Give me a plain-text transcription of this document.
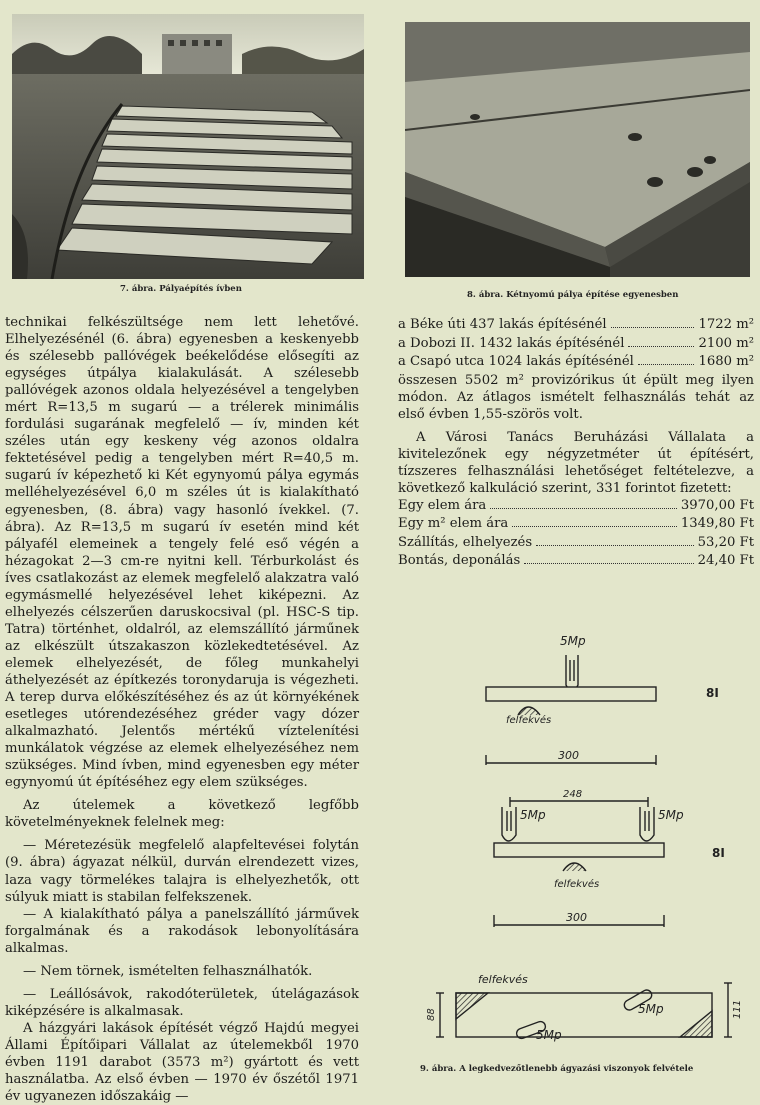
7. ábra. Pályaépítés ívben
8. ábra. Kétnyomú pálya építése egyenesben

technikai felkészültsége nem lett lehetővé. Elhelyezésénél (6. ábra) egyenesben a keskenyebb és szélesebb pallóvégek beékelődése elősegíti az egységes útpálya kialakulását. A szélesebb pallóvégek azonos oldala helyezésével a tengelyben mért R=13,5 m sugarú — a trélerek minimális fordulási sugarának megfelelő — ív, minden két széles után egy keskeny vég azonos oldalra fektetésével pedig a tengelyben mért R=40,5 m. sugarú ív képezhető ki Két egynyomú pálya egymás melléhelyezésével 6,0 m széles út is kialakítható egyenesben, (8. ábra) vagy hasonló ívekkel. (7. ábra). Az R=13,5 m sugarú ív esetén mind két pályafél elemeinek a tengely felé eső végén a hézagokat 2—3 cm-re nyitni kell. Térburkolást és íves csatlakozást az elemek megfelelő alakzatra való egymásmellé helyezésével lehet kiképezni. Az elhelyezés célszerűen daruskocsival (pl. HSC-S tip. Tatra) történhet, oldalról, az elemszállító járműnek az elkészült útszakaszon közlekedtetésével. Az elemek elhelyezését, de főleg munkahelyi áthelyezését az építkezés toronydaruja is végezheti. A terep durva előkészítéséhez és az út környékének esetleges utórendezéséhez gréder vagy dózer alkalmazható. Jelentős mértékű víztelenítési munkálatok végzése az elemek elhelyezéséhez nem szükséges. Mind ívben, mind egyenesben egy méter egynyomú út építéséhez egy elem szükséges.

Az útelemek a következő legfőbb követelményeknek felelnek meg:

— Méretezésük megfelelő alapfeltevései folytán (9. ábra) ágyazat nélkül, durván elrendezett vizes, laza vagy törmelékes talajra is elhelyezhetők, ott súlyuk miatt is stabilan felfekszenek.

— A kialakítható pálya a panelszállító járművek forgalmának és a rakodások lebonyolítására alkalmas.

— Nem törnek, ismételten felhasználhatók.

— Leállósávok, rakodóterületek, útelágazások kiképzésére is alkalmasak.

A házgyári lakások építését végző Hajdú megyei Állami Építőipari Vállalat az útelemekből 1970 évben 1191 darabot (3573 m²) gyártott és vett használatba. Az első évben — 1970 év őszétől 1971 év ugyanezen időszakáig —

a Béke úti 437 lakás építésénél	1722 m²
a Dobozi II. 1432 lakás építésénél	2100 m²
a Csapó utca 1024 lakás építésénél	1680 m²

összesen 5502 m² provizórikus út épült meg ilyen módon. Az átlagos ismételt felhasználás tehát az első évben 1,55-szörös volt.

A Városi Tanács Beruházási Vállalata a kivitelezőnek egy négyzetméter út építésért, tízszeres felhasználási lehetőséget feltételezve, a következő kalkuláció szerint, 331 forintot fizetett:

Egy elem ára	3970,00 Ft
Egy m² elem ára	1349,80 Ft
Szállítás, elhelyezés	53,20 Ft
Bontás, deponálás	24,40 Ft
5Mp
felfekvés
300
8I
248
5Mp	5Mp
8I
felfekvés
300
felfekvés
5Mp
5Mp
88	111
9. ábra. A legkedvezőtlenebb ágyazási viszonyok felvétele
